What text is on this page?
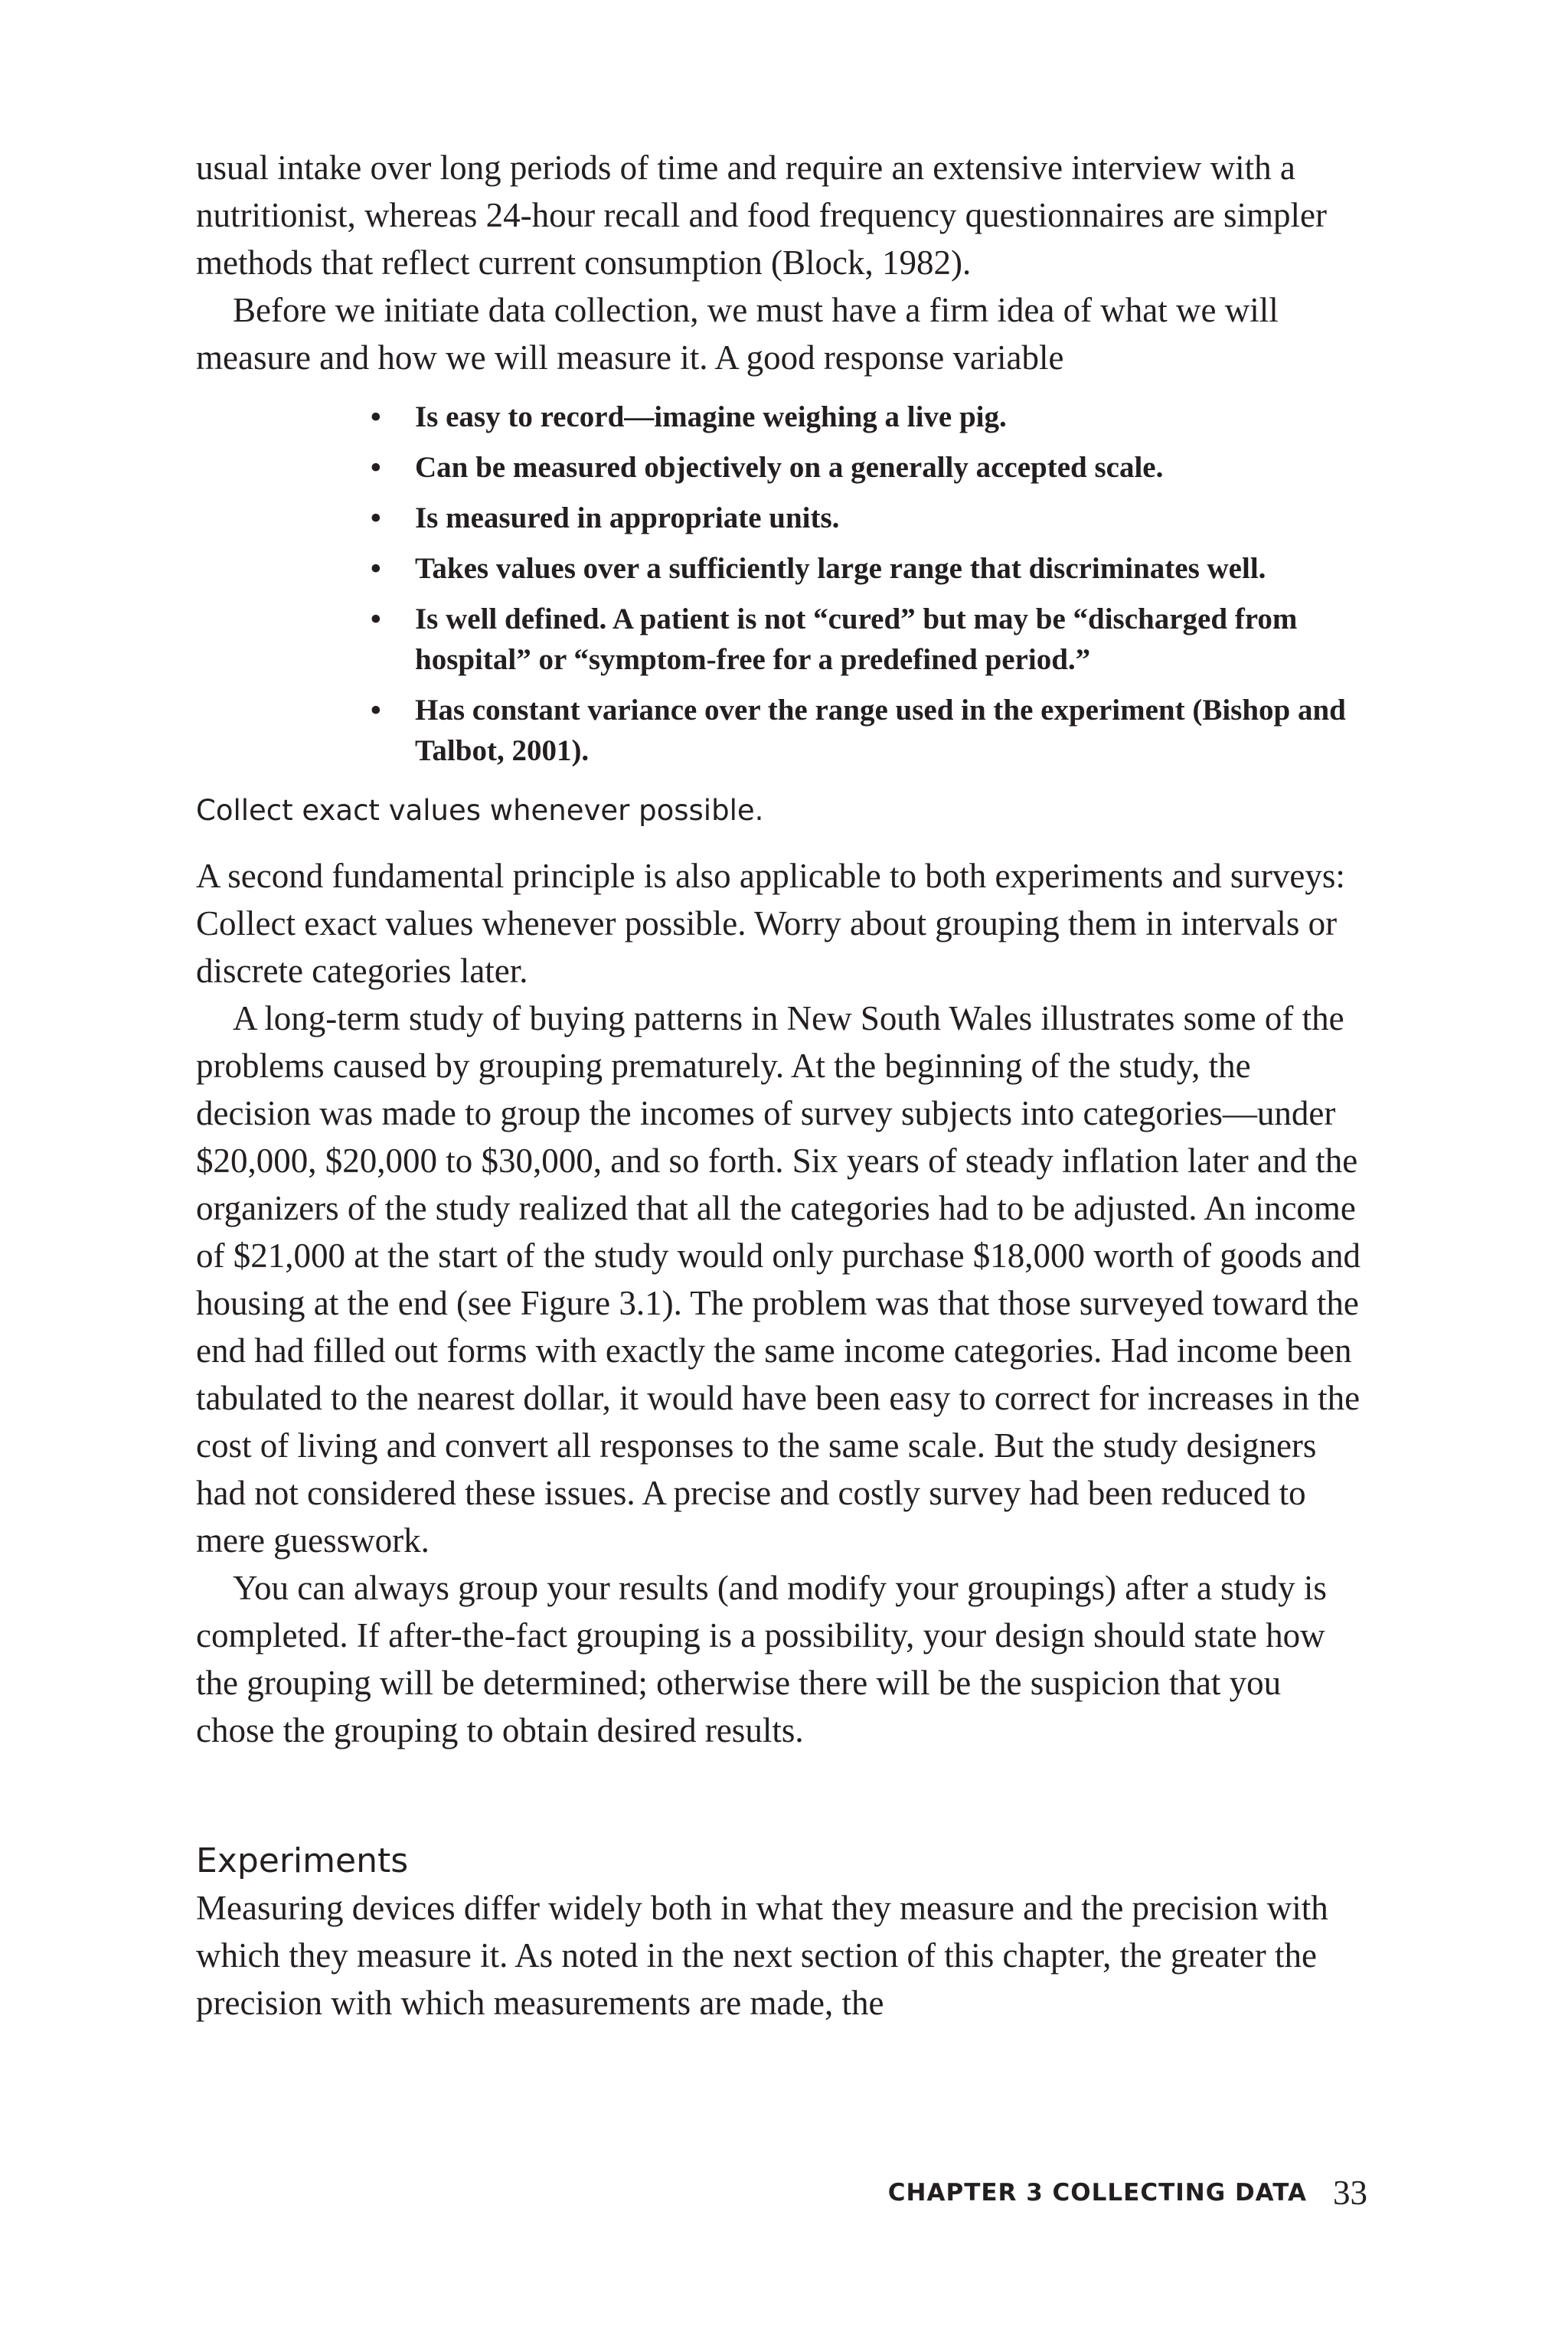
usual intake over long periods of time and require an extensive interview with a nutritionist, whereas 24-hour recall and food frequency questionnaires are simpler methods that reflect current consumption (Block, 1982).

Before we initiate data collection, we must have a firm idea of what we will measure and how we will measure it. A good response variable

• Is easy to record—imagine weighing a live pig.
• Can be measured objectively on a generally accepted scale.
• Is measured in appropriate units.
• Takes values over a sufficiently large range that discriminates well.
• Is well defined. A patient is not “cured” but may be “discharged from hospital” or “symptom-free for a predefined period.”
• Has constant variance over the range used in the experiment (Bishop and Talbot, 2001).
Collect exact values whenever possible.

A second fundamental principle is also applicable to both experiments and surveys: Collect exact values whenever possible. Worry about grouping them in intervals or discrete categories later.

A long-term study of buying patterns in New South Wales illustrates some of the problems caused by grouping prematurely. At the beginning of the study, the decision was made to group the incomes of survey subjects into categories—under $20,000, $20,000 to $30,000, and so forth. Six years of steady inflation later and the organizers of the study realized that all the categories had to be adjusted. An income of $21,000 at the start of the study would only purchase $18,000 worth of goods and housing at the end (see Figure 3.1). The problem was that those surveyed toward the end had filled out forms with exactly the same income categories. Had income been tabulated to the nearest dollar, it would have been easy to correct for increases in the cost of living and convert all responses to the same scale. But the study designers had not considered these issues. A precise and costly survey had been reduced to mere guesswork.

You can always group your results (and modify your groupings) after a study is completed. If after-the-fact grouping is a possibility, your design should state how the grouping will be determined; otherwise there will be the suspicion that you chose the grouping to obtain desired results.

Experiments

Measuring devices differ widely both in what they measure and the precision with which they measure it. As noted in the next section of this chapter, the greater the precision with which measurements are made, the

CHAPTER 3 COLLECTING DATA 33
